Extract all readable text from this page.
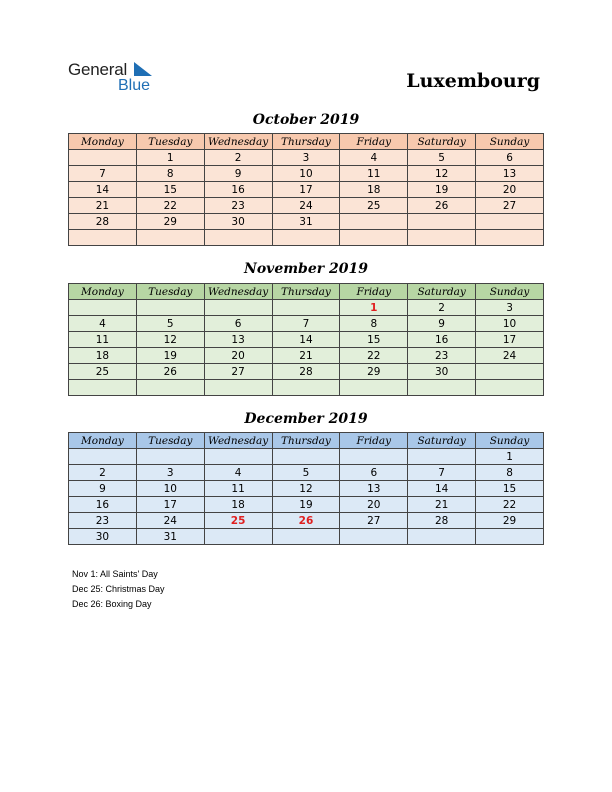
General
Blue	Luxembourg
October 2019
Monday	Tuesday	Wednesday	Thursday	Friday	Saturday	Sunday
	1	2	3	4	5	6
7	8	9	10	11	12	13
14	15	16	17	18	19	20
21	22	23	24	25	26	27
28	29	30	31			

November 2019
Monday	Tuesday	Wednesday	Thursday	Friday	Saturday	Sunday
				1	2	3
4	5	6	7	8	9	10
11	12	13	14	15	16	17
18	19	20	21	22	23	24
25	26	27	28	29	30	

December 2019
Monday	Tuesday	Wednesday	Thursday	Friday	Saturday	Sunday
						1
2	3	4	5	6	7	8
9	10	11	12	13	14	15
16	17	18	19	20	21	22
23	24	25	26	27	28	29
30	31					
Nov 1: All Saints' Day
Dec 25: Christmas Day
Dec 26: Boxing Day
